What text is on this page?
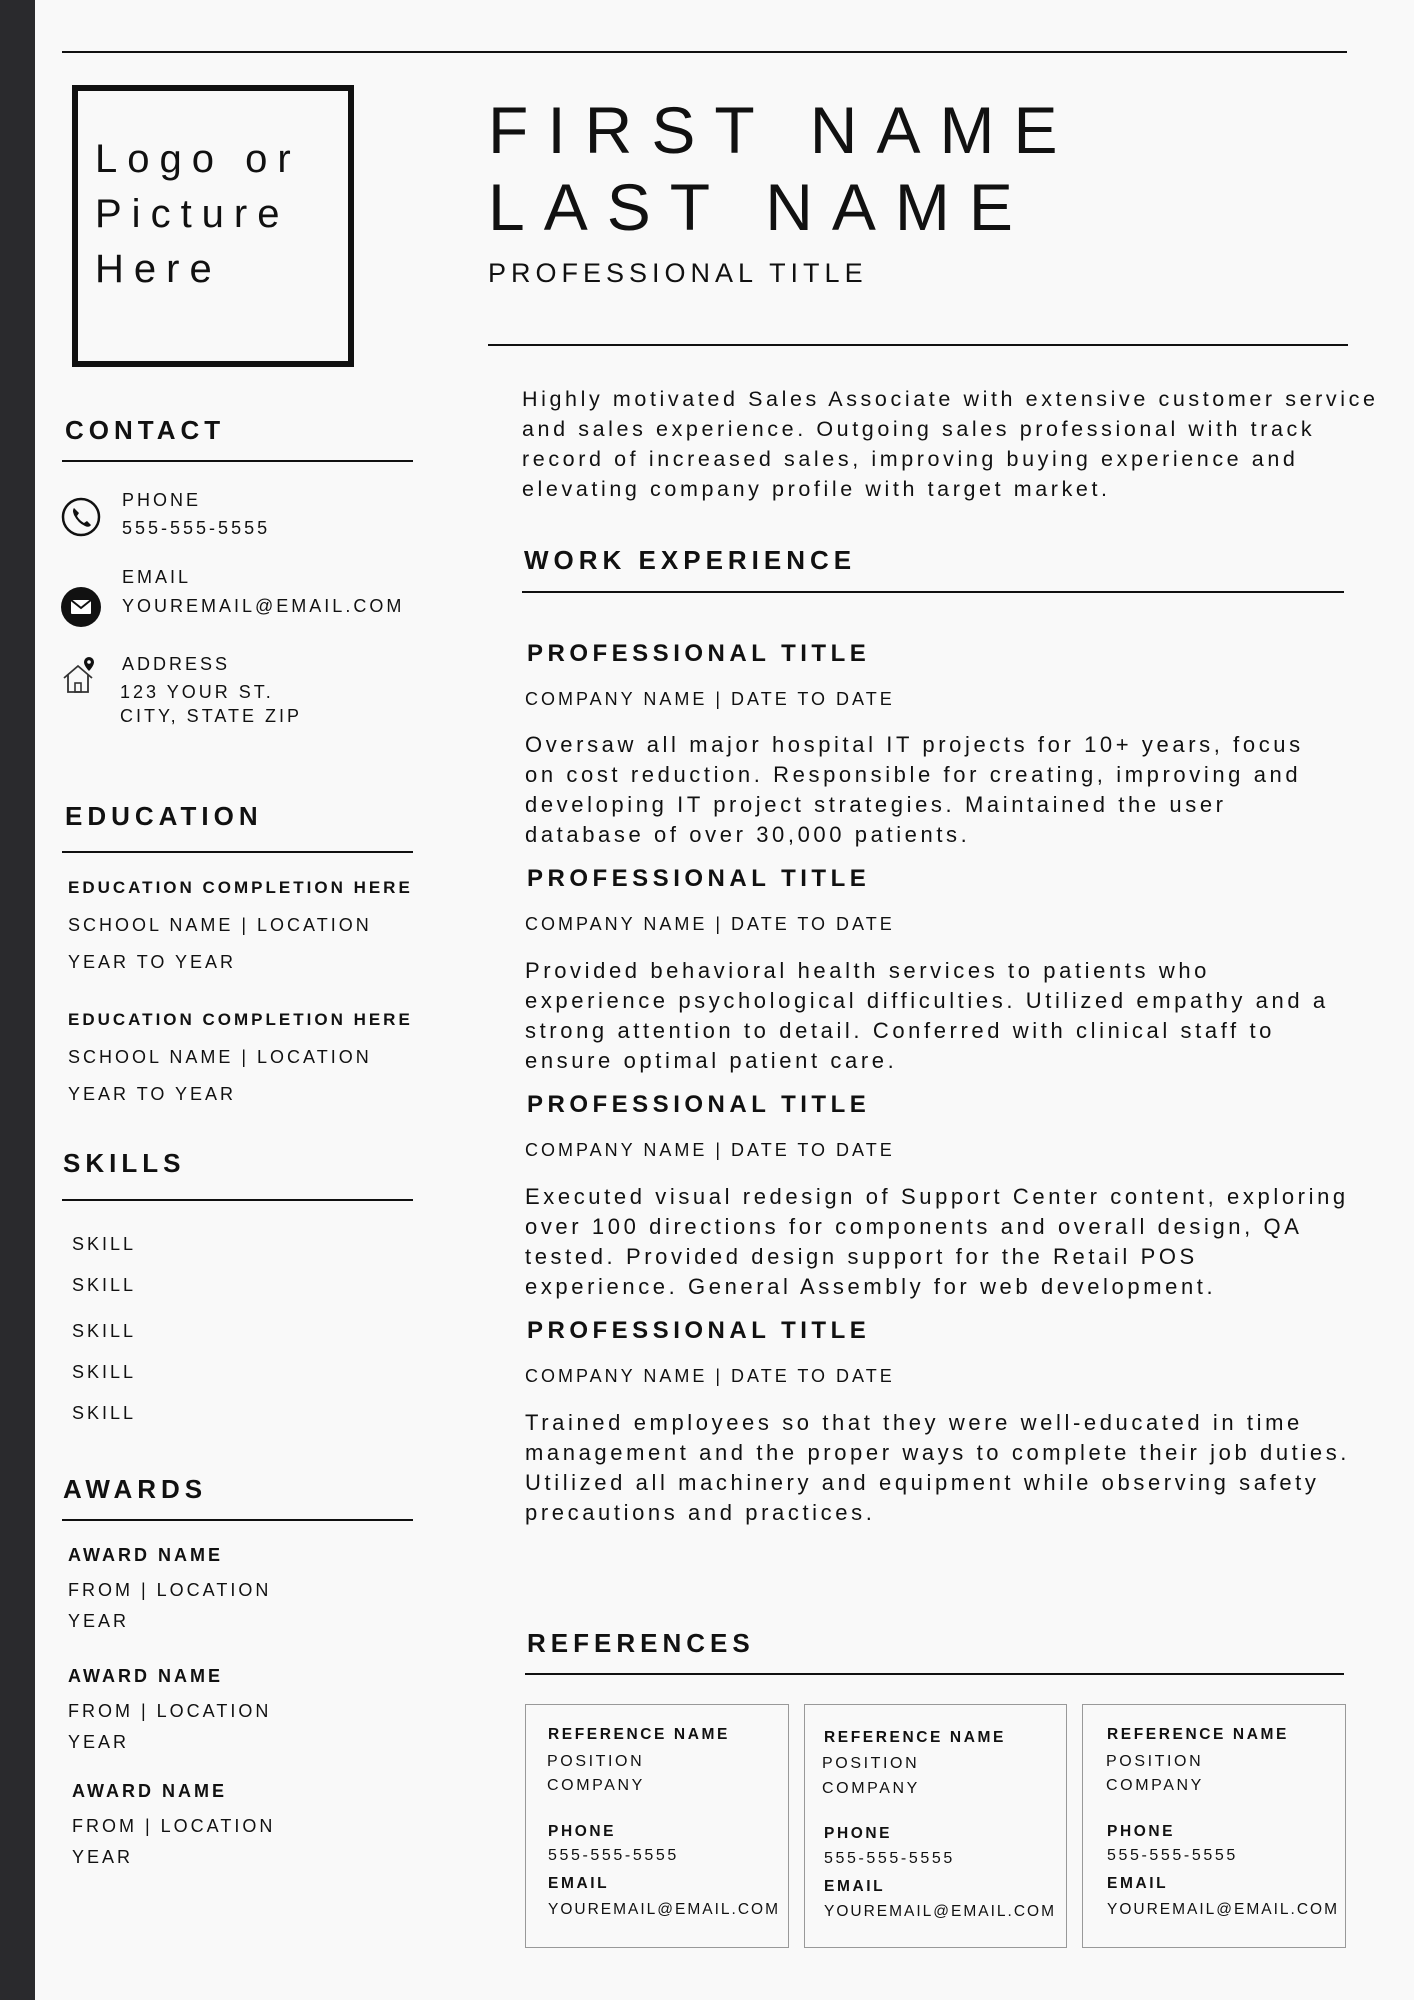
Logo or
Picture
Here
FIRST NAME
LAST NAME
PROFESSIONAL TITLE
CONTACT
PHONE
555-555-5555
EMAIL
YOUREMAIL@EMAIL.COM
ADDRESS
123 YOUR ST.
CITY, STATE ZIP
EDUCATION
EDUCATION COMPLETION HERE
SCHOOL NAME | LOCATION
YEAR TO YEAR
EDUCATION COMPLETION HERE
SCHOOL NAME | LOCATION
YEAR TO YEAR
SKILLS
SKILL
SKILL
SKILL
SKILL
SKILL
AWARDS
AWARD NAME
FROM | LOCATION
YEAR
AWARD NAME
FROM | LOCATION
YEAR
AWARD NAME
FROM | LOCATION
YEAR
Highly motivated Sales Associate with extensive customer service and sales experience. Outgoing sales professional with track record of increased sales, improving buying experience and elevating company profile with target market.
WORK EXPERIENCE
PROFESSIONAL TITLE
COMPANY NAME | DATE TO DATE
Oversaw all major hospital IT projects for 10+ years, focus on cost reduction. Responsible for creating, improving and developing IT project strategies. Maintained the user database of over 30,000 patients.
PROFESSIONAL TITLE
COMPANY NAME | DATE TO DATE
Provided behavioral health services to patients who experience psychological difficulties. Utilized empathy and a strong attention to detail. Conferred with clinical staff to ensure optimal patient care.
PROFESSIONAL TITLE
COMPANY NAME | DATE TO DATE
Executed visual redesign of Support Center content, exploring over 100 directions for components and overall design, QA tested. Provided design support for the Retail POS experience. General Assembly for web development.
PROFESSIONAL TITLE
COMPANY NAME | DATE TO DATE
Trained employees so that they were well-educated in time management and the proper ways to complete their job duties. Utilized all machinery and equipment while observing safety precautions and practices.
REFERENCES
REFERENCE NAME
POSITION
COMPANY
PHONE
555-555-5555
EMAIL
YOUREMAIL@EMAIL.COM
REFERENCE NAME
POSITION
COMPANY
PHONE
555-555-5555
EMAIL
YOUREMAIL@EMAIL.COM
REFERENCE NAME
POSITION
COMPANY
PHONE
555-555-5555
EMAIL
YOUREMAIL@EMAIL.COM
